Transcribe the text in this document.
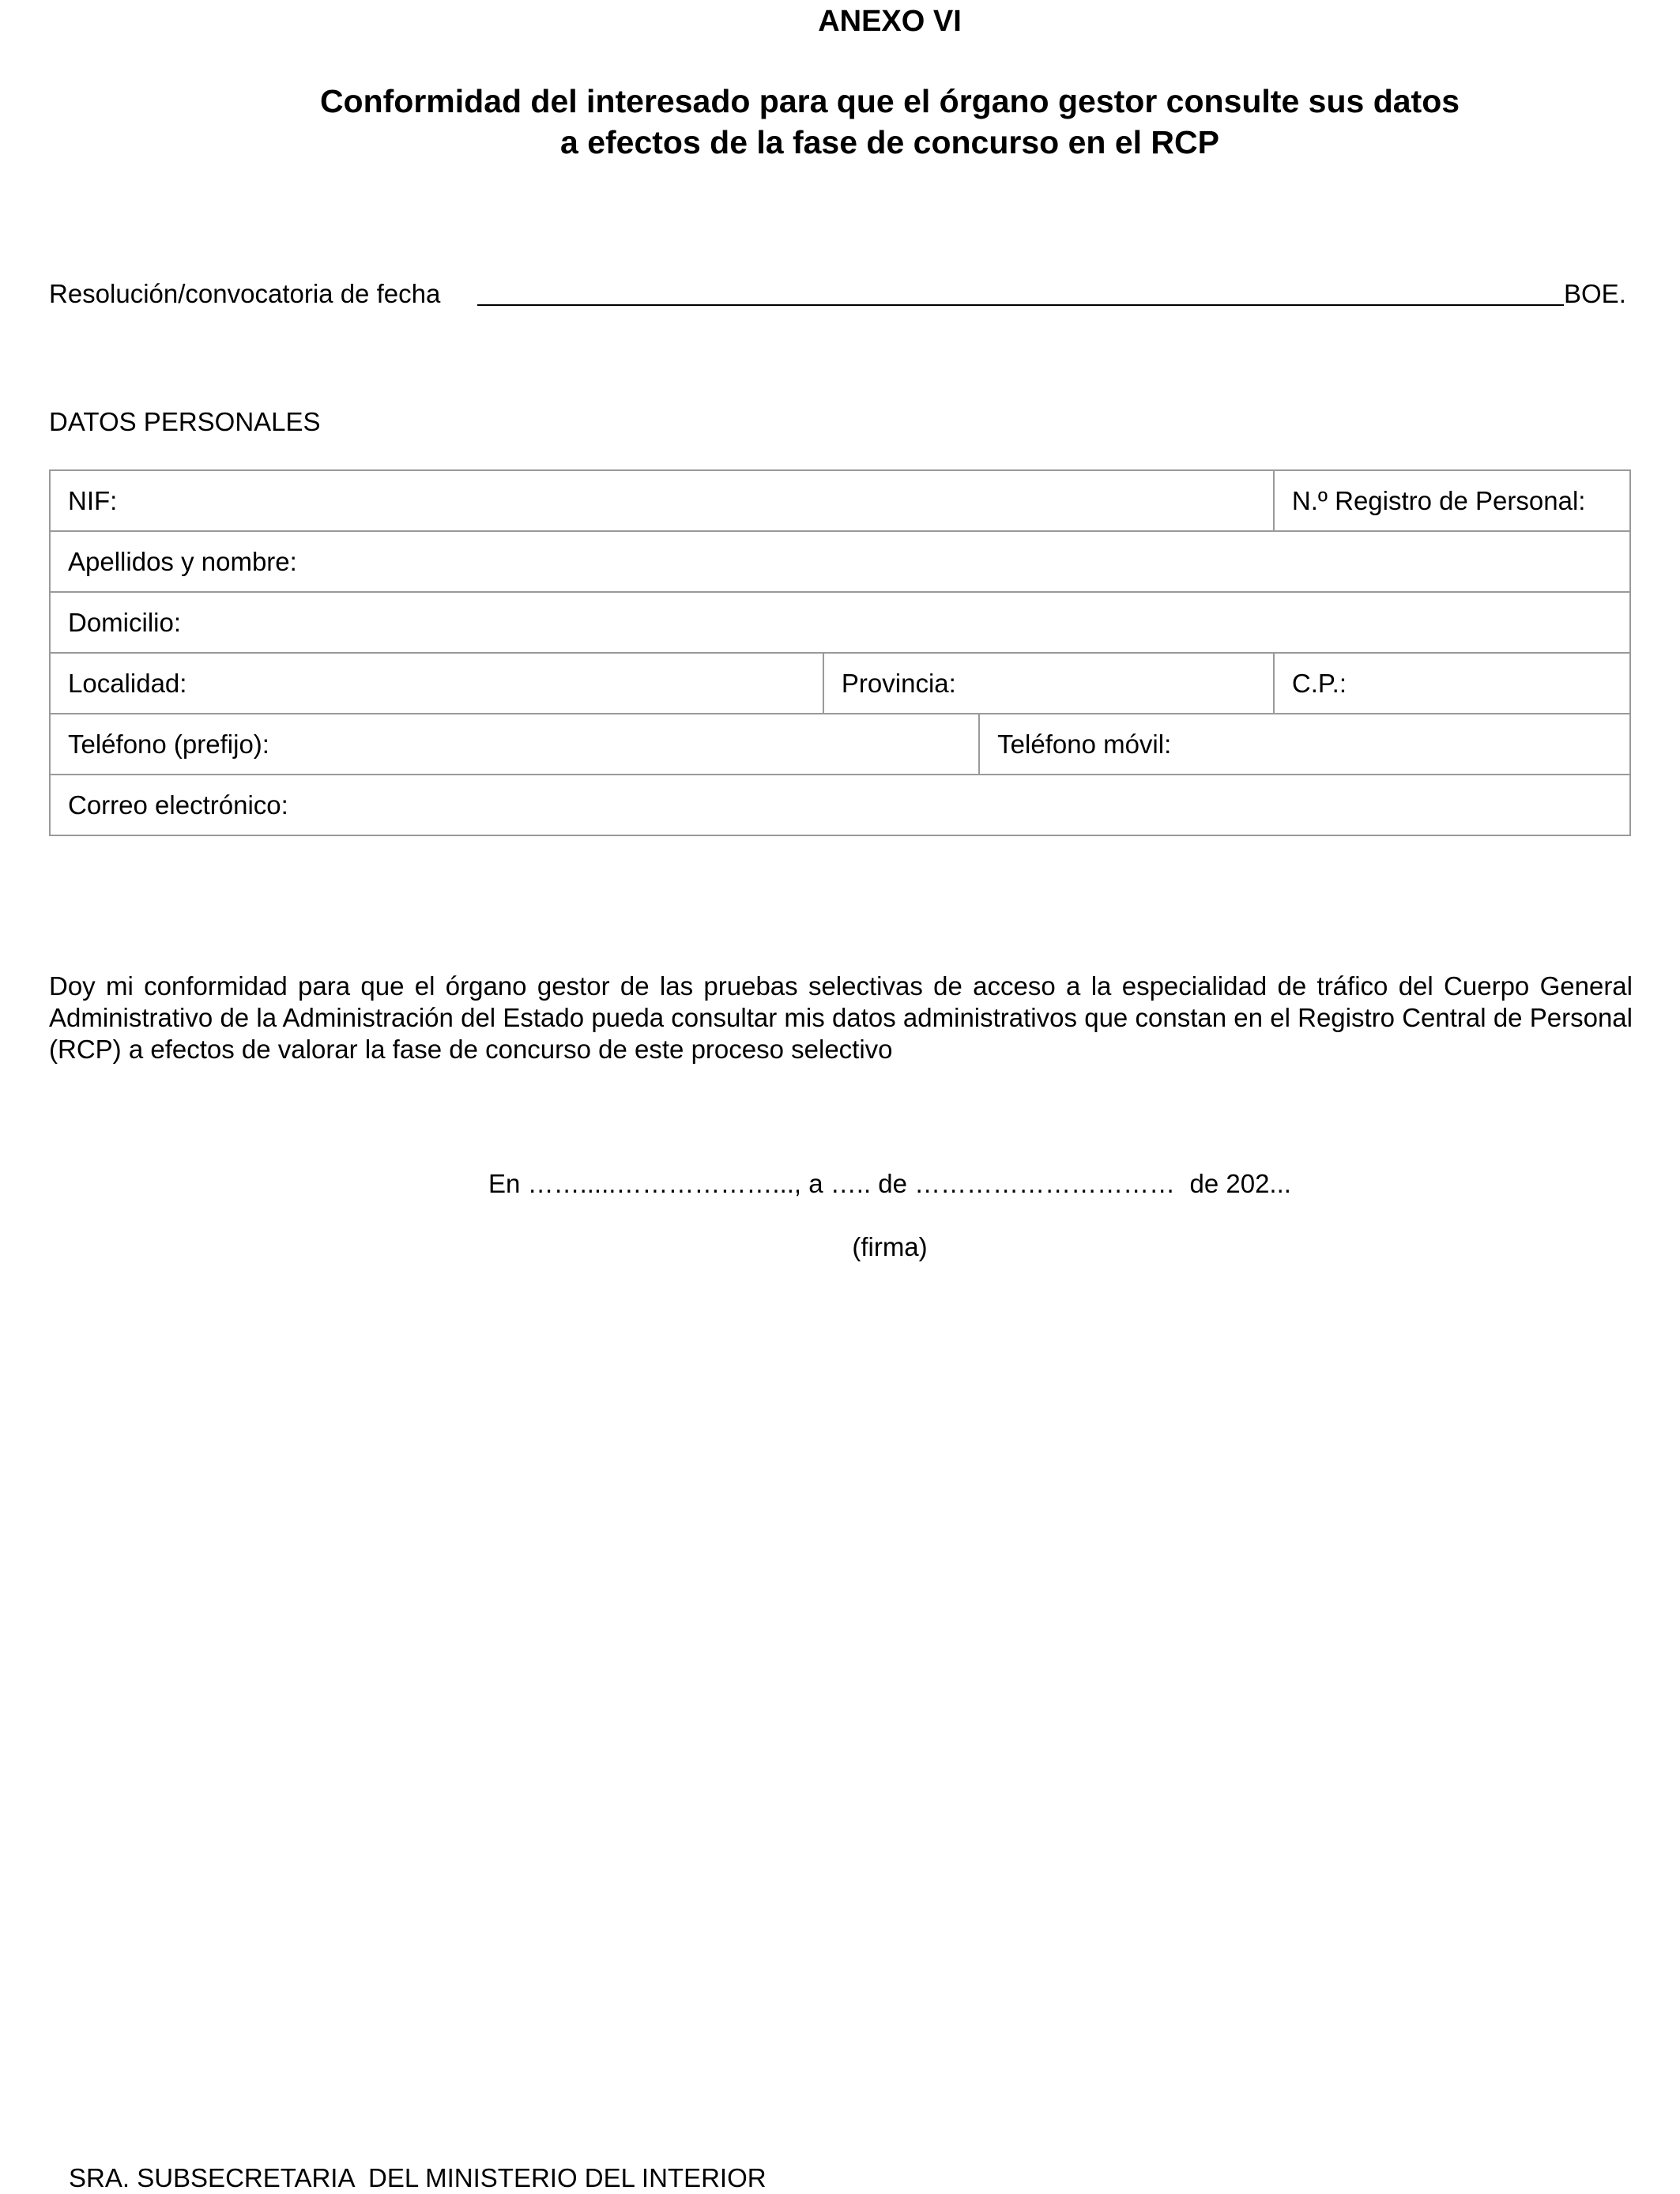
ANEXO VI
Conformidad del interesado para que el órgano gestor consulte sus datos
a efectos de la fase de concurso en el RCP
Resolución/convocatoria de fecha	BOE.
DATOS PERSONALES
NIF:			N.º Registro de Personal:
Apellidos y nombre:			
Domicilio:			
Localidad:	Provincia:		C.P.:
Teléfono (prefijo):		Teléfono móvil:	
Correo electrónico:			
Doy mi conformidad para que el órgano gestor de las pruebas selectivas de acceso a la especialidad de tráfico del Cuerpo General Administrativo de la Administración del Estado pueda consultar mis datos administrativos que constan en el Registro Central de Personal (RCP) a efectos de valorar la fase de concurso de este proceso selectivo
En …….....………………..., a ….. de …………………………  de 202...
(firma)
SRA. SUBSECRETARIA  DEL MINISTERIO DEL INTERIOR
